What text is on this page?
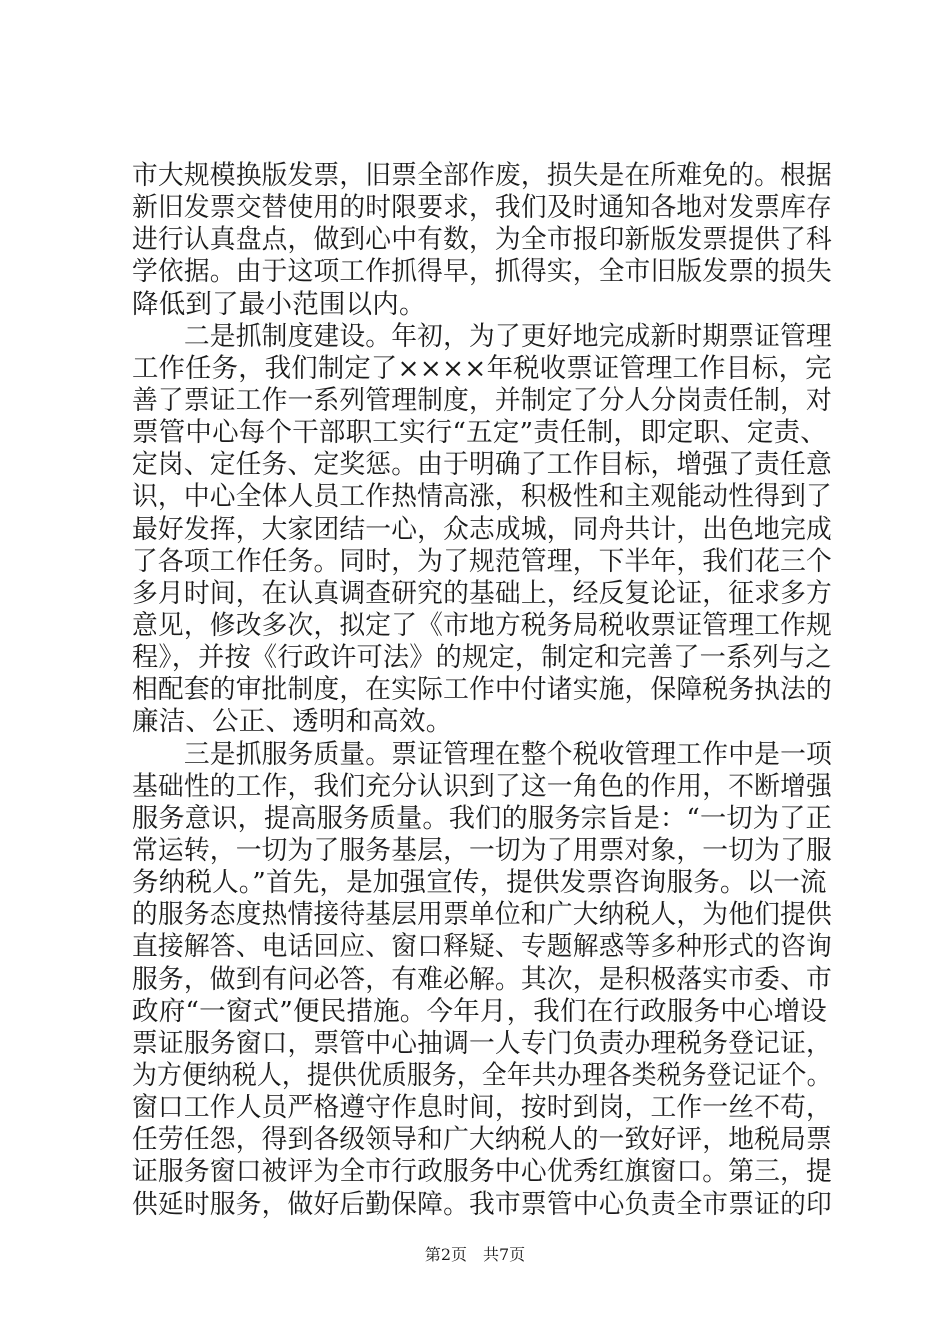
市大规模换版发票，旧票全部作废，损失是在所难免的。根据
新旧发票交替使用的时限要求，我们及时通知各地对发票库存
进行认真盘点，做到心中有数，为全市报印新版发票提供了科
学依据。由于这项工作抓得早，抓得实，全市旧版发票的损失
降低到了最小范围以内。
　　二是抓制度建设。年初，为了更好地完成新时期票证管理
工作任务，我们制定了××××年税收票证管理工作目标，完
善了票证工作一系列管理制度，并制定了分人分岗责任制，对
票管中心每个干部职工实行“五定”责任制，即定职、定责、
定岗、定任务、定奖惩。由于明确了工作目标，增强了责任意
识，中心全体人员工作热情高涨，积极性和主观能动性得到了
最好发挥，大家团结一心，众志成城，同舟共计，出色地完成
了各项工作任务。同时，为了规范管理，下半年，我们花三个
多月时间，在认真调查研究的基础上，经反复论证，征求多方
意见，修改多次，拟定了《市地方税务局税收票证管理工作规
程》，并按《行政许可法》的规定，制定和完善了一系列与之
相配套的审批制度，在实际工作中付诸实施，保障税务执法的
廉洁、公正、透明和高效。
　　三是抓服务质量。票证管理在整个税收管理工作中是一项
基础性的工作，我们充分认识到了这一角色的作用，不断增强
服务意识，提高服务质量。我们的服务宗旨是：“一切为了正
常运转，一切为了服务基层，一切为了用票对象，一切为了服
务纳税人。”首先，是加强宣传，提供发票咨询服务。以一流
的服务态度热情接待基层用票单位和广大纳税人，为他们提供
直接解答、电话回应、窗口释疑、专题解惑等多种形式的咨询
服务，做到有问必答，有难必解。其次，是积极落实市委、市
政府“一窗式”便民措施。今年月，我们在行政服务中心增设
票证服务窗口，票管中心抽调一人专门负责办理税务登记证，
为方便纳税人，提供优质服务，全年共办理各类税务登记证个。
窗口工作人员严格遵守作息时间，按时到岗，工作一丝不苟，
任劳任怨，得到各级领导和广大纳税人的一致好评，地税局票
证服务窗口被评为全市行政服务中心优秀红旗窗口。第三，提
供延时服务，做好后勤保障。我市票管中心负责全市票证的印
第2页　共7页
